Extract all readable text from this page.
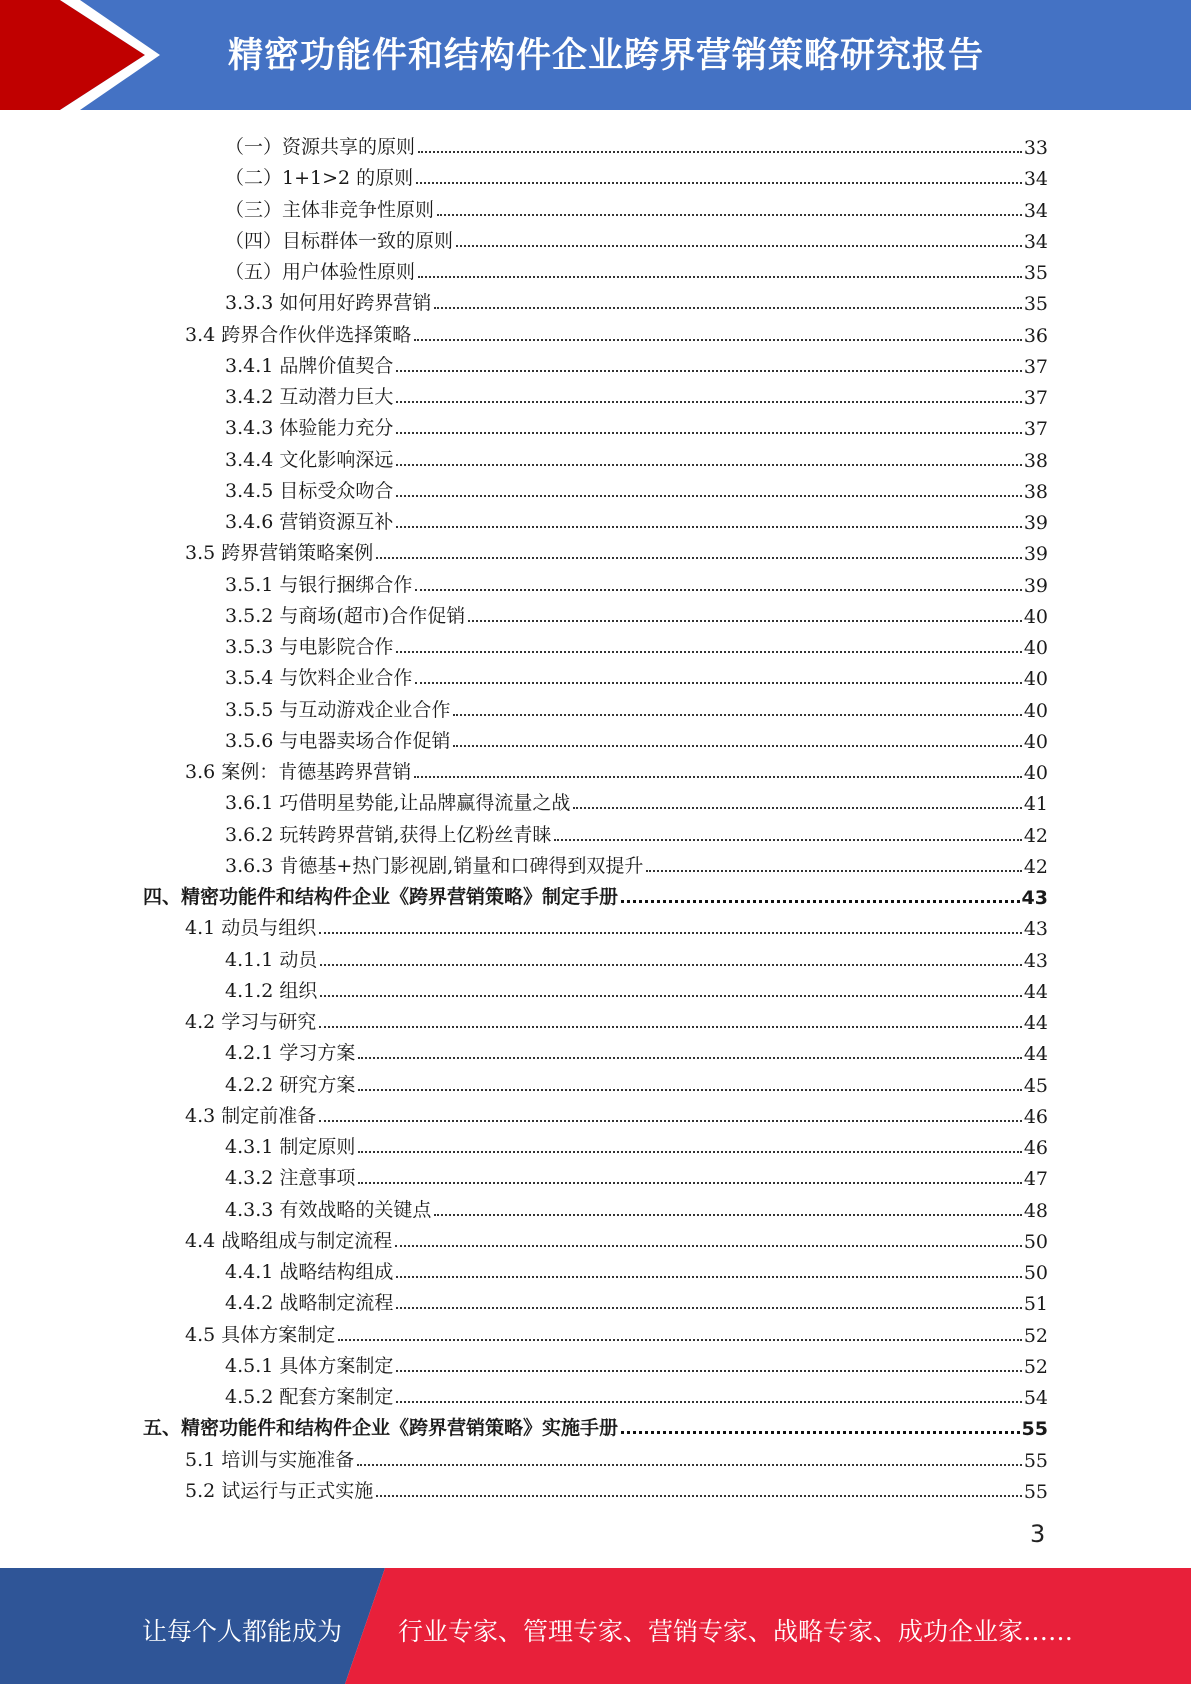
精密功能件和结构件企业跨界营销策略研究报告
（一）资源共享的原则	33
（二）1+1>2 的原则	34
（三）主体非竞争性原则	34
（四）目标群体一致的原则	34
（五）用户体验性原则	35
3.3.3 如何用好跨界营销	35
3.4 跨界合作伙伴选择策略	36
3.4.1 品牌价值契合	37
3.4.2 互动潜力巨大	37
3.4.3 体验能力充分	37
3.4.4 文化影响深远	38
3.4.5 目标受众吻合	38
3.4.6 营销资源互补	39
3.5 跨界营销策略案例	39
3.5.1 与银行捆绑合作	39
3.5.2 与商场(超市)合作促销	40
3.5.3 与电影院合作	40
3.5.4 与饮料企业合作	40
3.5.5 与互动游戏企业合作	40
3.5.6 与电器卖场合作促销	40
3.6 案例：肯德基跨界营销	40
3.6.1 巧借明星势能,让品牌赢得流量之战	41
3.6.2 玩转跨界营销,获得上亿粉丝青睐	42
3.6.3 肯德基+热门影视剧,销量和口碑得到双提升	42
四、精密功能件和结构件企业《跨界营销策略》制定手册	43
4.1 动员与组织	43
4.1.1 动员	43
4.1.2 组织	44
4.2 学习与研究	44
4.2.1 学习方案	44
4.2.2 研究方案	45
4.3 制定前准备	46
4.3.1 制定原则	46
4.3.2 注意事项	47
4.3.3 有效战略的关键点	48
4.4 战略组成与制定流程	50
4.4.1 战略结构组成	50
4.4.2 战略制定流程	51
4.5 具体方案制定	52
4.5.1 具体方案制定	52
4.5.2 配套方案制定	54
五、精密功能件和结构件企业《跨界营销策略》实施手册	55
5.1 培训与实施准备	55
5.2 试运行与正式实施	55
3
让每个人都能成为 行业专家、管理专家、营销专家、战略专家、成功企业家……
